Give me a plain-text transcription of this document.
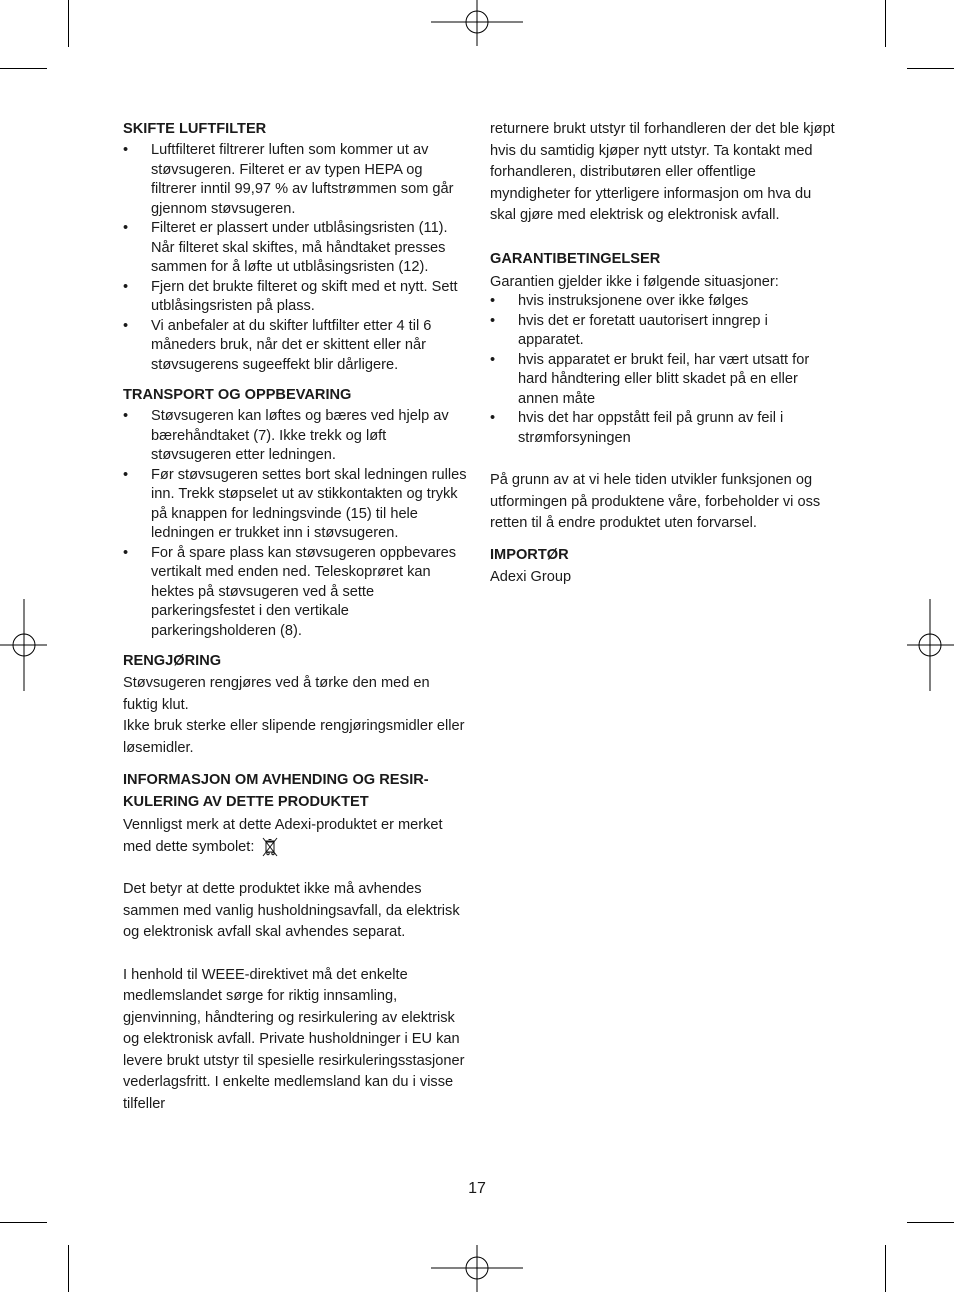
SKIFTE LUFTFILTER
• Luftfilteret filtrerer luften som kommer ut av støvsugeren. Filteret er av typen HEPA og filtrerer inntil 99,97 % av luftstrømmen som går gjennom støvsugeren.
• Filteret er plassert under utblåsingsristen (11). Når filteret skal skiftes, må håndtaket presses sammen for å løfte ut utblåsingsristen (12).
• Fjern det brukte filteret og skift med et nytt. Sett utblåsingsristen på plass.
• Vi anbefaler at du skifter luftfilter etter 4 til 6 måneders bruk, når det er skittent eller når støvsugerens sugeeffekt blir dårligere.
TRANSPORT OG OPPBEVARING
• Støvsugeren kan løftes og bæres ved hjelp av bærehåndtaket (7). Ikke trekk og løft støvsugeren etter ledningen.
• Før støvsugeren settes bort skal ledningen rulles inn. Trekk støpselet ut av stikkontakten og trykk på knappen for ledningsvinde (15) til hele ledningen er trukket inn i støvsugeren.
• For å spare plass kan støvsugeren oppbevares vertikalt med enden ned. Teleskoprøret kan hektes på støvsugeren ved å sette parkeringsfestet i den vertikale parkeringsholderen (8).
RENGJØRING

Støvsugeren rengjøres ved å tørke den med en fuktig klut.

Ikke bruk sterke eller slipende rengjøringsmidler eller løsemidler.

INFORMASJON OM AVHENDING OG RESIR-KULERING AV DETTE PRODUKTET

Vennligst merk at dette Adexi-produktet er merket med dette symbolet:

Det betyr at dette produktet ikke må avhendes sammen med vanlig husholdningsavfall, da elektrisk og elektronisk avfall skal avhendes separat.

I henhold til WEEE-direktivet må det enkelte medlemslandet sørge for riktig innsamling, gjenvinning, håndtering og resirkulering av elektrisk og elektronisk avfall. Private husholdninger i EU kan levere brukt utstyr til spesielle resirkuleringsstasjoner vederlagsfritt. I enkelte medlemsland kan du i visse tilfeller

returnere brukt utstyr til forhandleren der det ble kjøpt hvis du samtidig kjøper nytt utstyr. Ta kontakt med forhandleren, distributøren eller offentlige myndigheter for ytterligere informasjon om hva du skal gjøre med elektrisk og elektronisk avfall.

GARANTIBETINGELSER

Garantien gjelder ikke i følgende situasjoner:

• hvis instruksjonene over ikke følges
• hvis det er foretatt uautorisert inngrep i apparatet.
• hvis apparatet er brukt feil, har vært utsatt for hard håndtering eller blitt skadet på en eller annen måte
• hvis det har oppstått feil på grunn av feil i strømforsyningen

På grunn av at vi hele tiden utvikler funksjonen og utformingen på produktene våre, forbeholder vi oss retten til å endre produktet uten forvarsel.

IMPORTØR

Adexi Group

17
